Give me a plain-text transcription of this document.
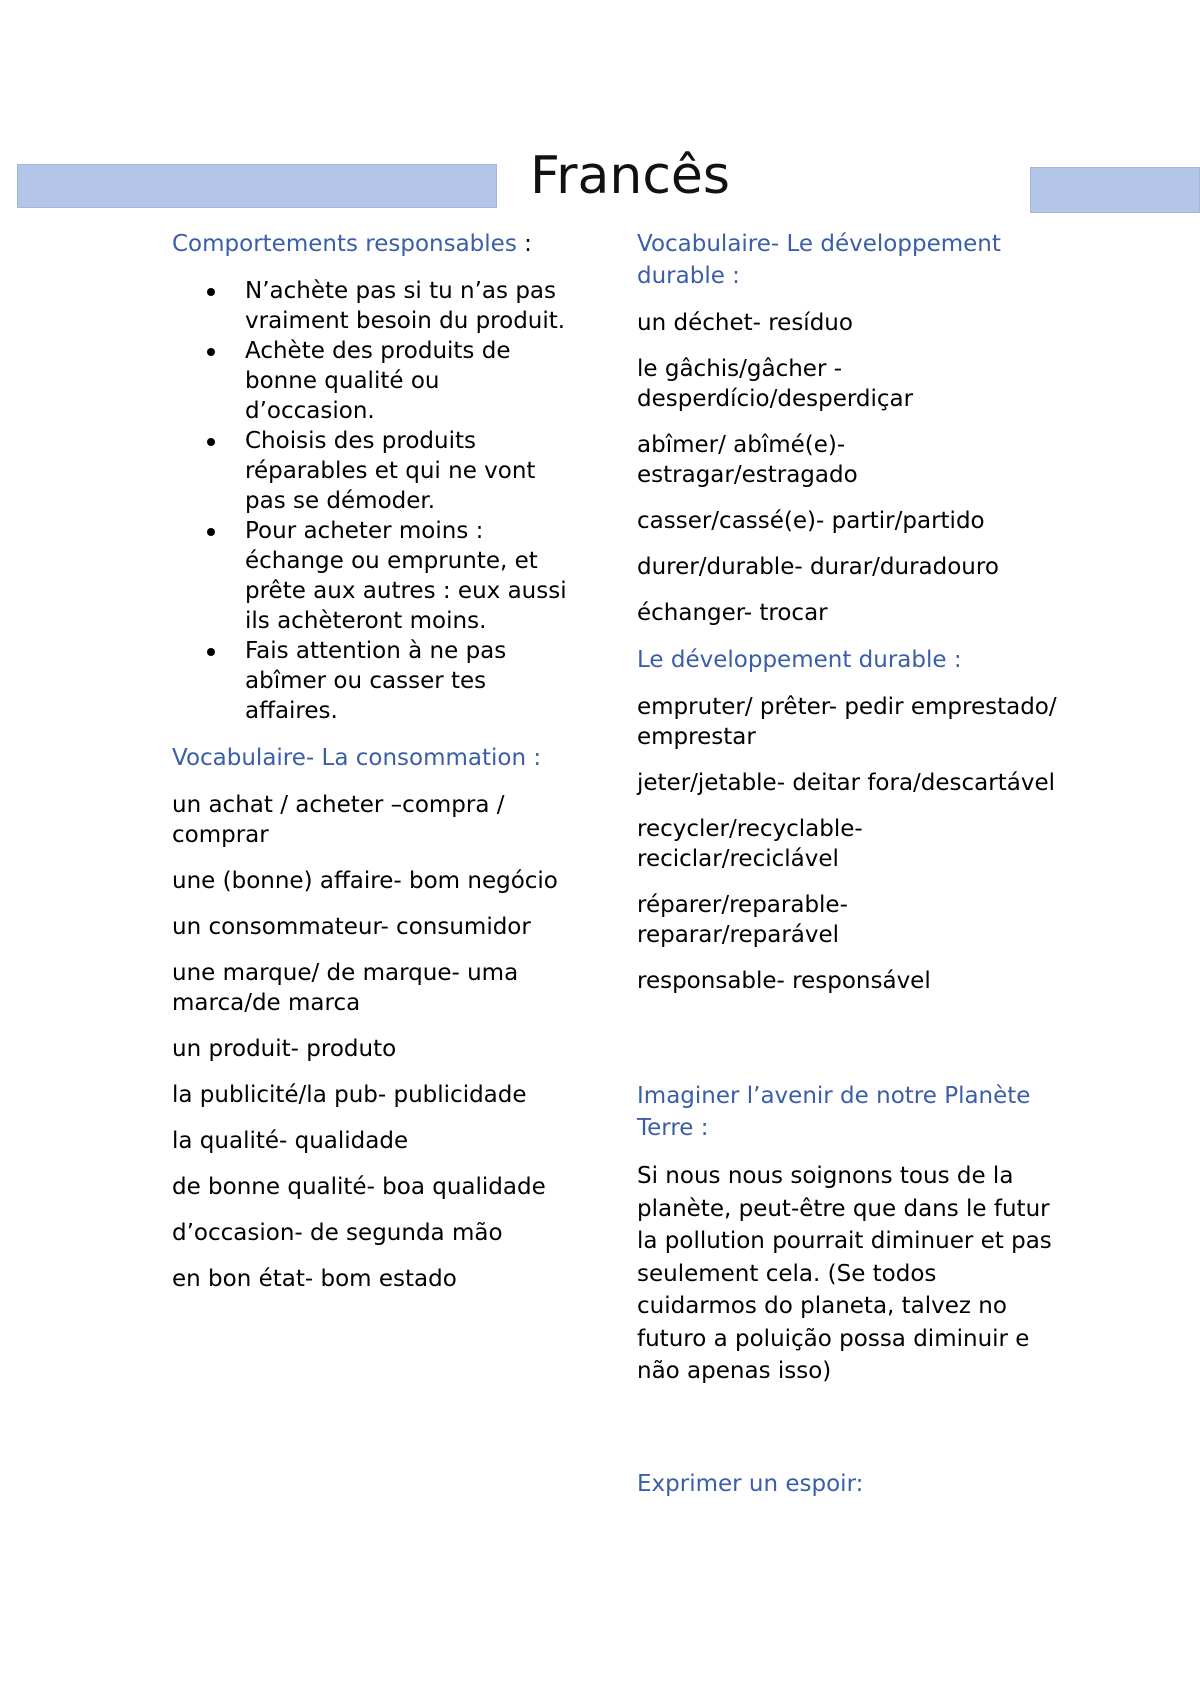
Francês
Comportements responsables :
N’achète pas si tu n’as pas vraiment besoin du produit.
Achète des produits de bonne qualité ou d’occasion.
Choisis des produits réparables et qui ne vont pas se démoder.
Pour acheter moins : échange ou emprunte, et prête aux autres : eux aussi ils achèteront moins.
Fais attention à ne pas abîmer ou casser tes affaires.
Vocabulaire- La consommation :

un achat / acheter –compra / comprar

une (bonne) affaire- bom negócio

un consommateur- consumidor

une marque/ de marque- uma marca/de marca

un produit- produto

la publicité/la pub- publicidade

la qualité- qualidade

de bonne qualité- boa qualidade

d’occasion- de segunda mão

en bon état- bom estado

Vocabulaire- Le développement durable :

un déchet- resíduo

le gâchis/gâcher -desperdício/desperdiçar

abîmer/ abîmé(e)- estragar/estragado

casser/cassé(e)- partir/partido

durer/durable- durar/duradouro

échanger- trocar

Le développement durable :

empruter/ prêter- pedir emprestado/ emprestar

jeter/jetable- deitar fora/descartável

recycler/recyclable- reciclar/reciclável

réparer/reparable- reparar/reparável

responsable- responsável

Imaginer l’avenir de notre Planète Terre :

Si nous nous soignons tous de la planète, peut-être que dans le futur la pollution pourrait diminuer et pas seulement cela. (Se todos cuidarmos do planeta, talvez no futuro a poluição possa diminuir e não apenas isso)

Exprimer un espoir:
